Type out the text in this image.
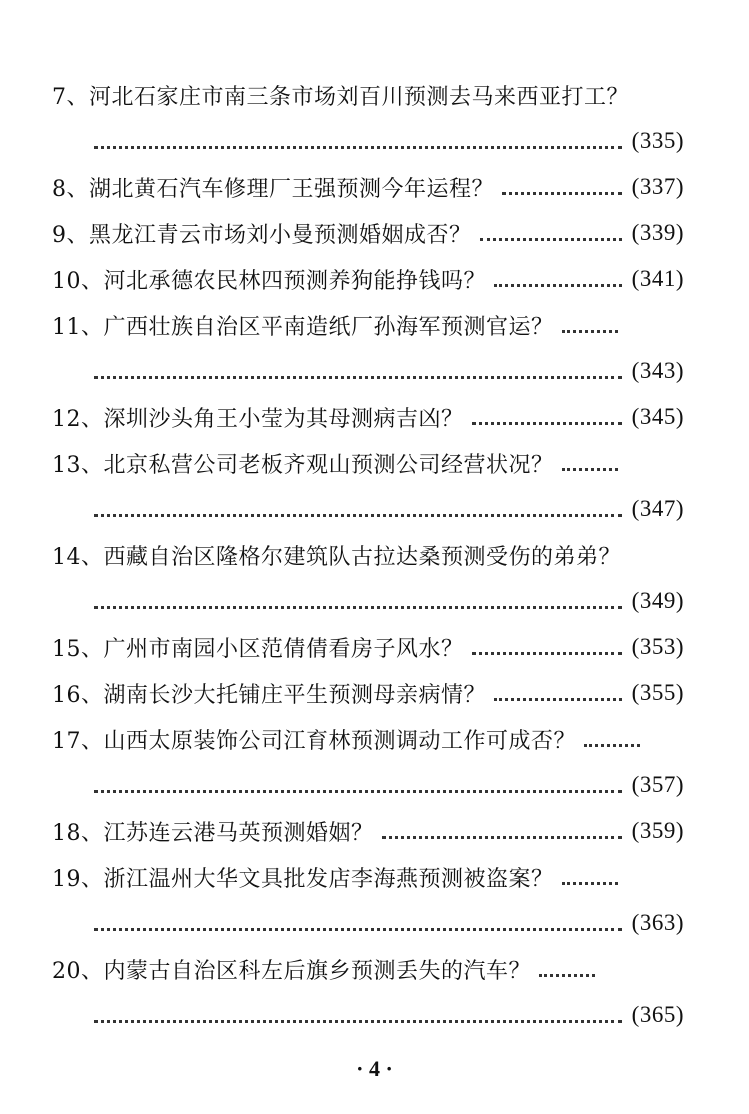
7、河北石家庄市南三条市场刘百川预测去马来西亚打工？
(335)
8、湖北黄石汽车修理厂王强预测今年运程？	(337)
9、黑龙江青云市场刘小曼预测婚姻成否？	(339)
10、河北承德农民林四预测养狗能挣钱吗？	(341)
11、广西壮族自治区平南造纸厂孙海军预测官运？
(343)
12、深圳沙头角王小莹为其母测病吉凶？	(345)
13、北京私营公司老板齐观山预测公司经营状况？
(347)
14、西藏自治区隆格尔建筑队古拉达桑预测受伤的弟弟？
(349)
15、广州市南园小区范倩倩看房子风水？	(353)
16、湖南长沙大托铺庄平生预测母亲病情？	(355)
17、山西太原装饰公司江育林预测调动工作可成否？
(357)
18、江苏连云港马英预测婚姻？	(359)
19、浙江温州大华文具批发店李海燕预测被盗案？
(363)
20、内蒙古自治区科左后旗乡预测丢失的汽车？
(365)
· 4 ·
